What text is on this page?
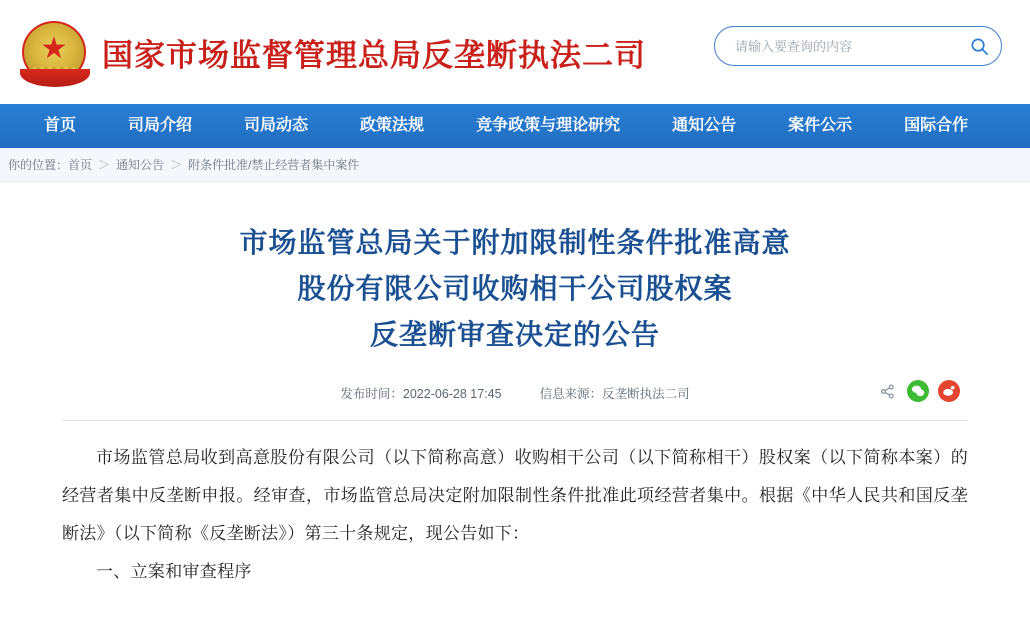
★ 国家市场监督管理总局反垄断执法二司
请输入要查询的内容
首页	司局介绍	司局动态	政策法规	竞争政策与理论研究	通知公告	案件公示	国际合作
你的位置： 首页 ＞ 通知公告 ＞ 附条件批准/禁止经营者集中案件
市场监管总局关于附加限制性条件批准高意
股份有限公司收购相干公司股权案
反垄断审查决定的公告
发布时间：2022-06-28 17:45	信息来源：反垄断执法二司

市场监管总局收到高意股份有限公司（以下简称高意）收购相干公司（以下简称相干）股权案（以下简称本案）的经营者集中反垄断申报。经审查，市场监管总局决定附加限制性条件批准此项经营者集中。根据《中华人民共和国反垄断法》（以下简称《反垄断法》）第三十条规定，现公告如下：

一、立案和审查程序
